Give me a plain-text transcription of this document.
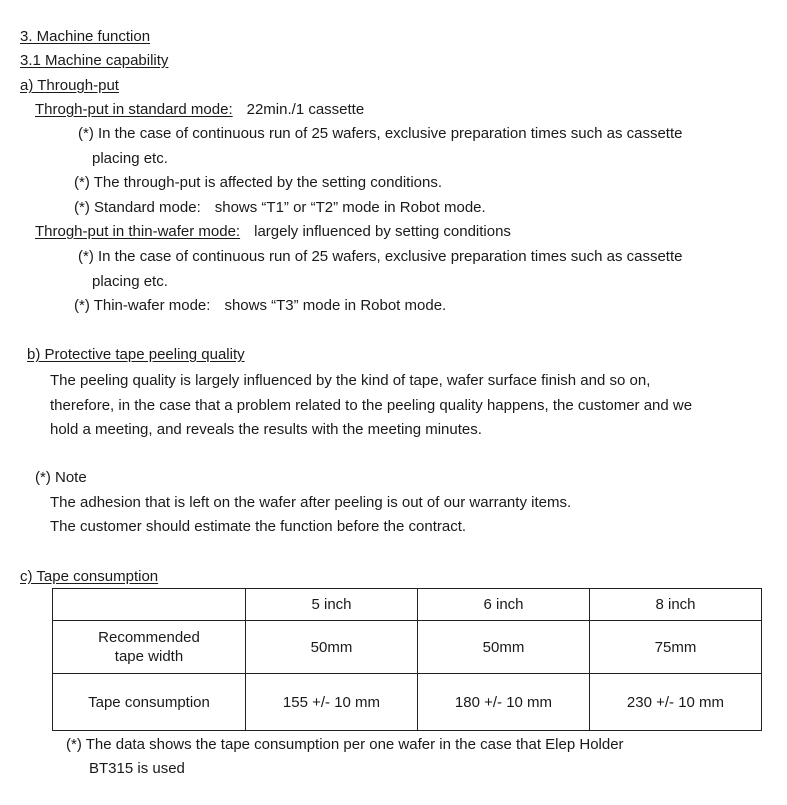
3. Machine function
3.1 Machine capability
a) Through-put
Throgh-put in standard mode: 22min./1 cassette
(*) In the case of continuous run of 25 wafers, exclusive preparation times such as cassette
placing etc.
(*) The through-put is affected by the setting conditions.
(*) Standard mode: shows “T1” or “T2” mode in Robot mode.
Throgh-put in thin-wafer mode: largely influenced by setting conditions
(*) In the case of continuous run of 25 wafers, exclusive preparation times such as cassette
placing etc.
(*) Thin-wafer mode: shows “T3” mode in Robot mode.
b) Protective tape peeling quality
The peeling quality is largely influenced by the kind of tape, wafer surface finish and so on,
therefore, in the case that a problem related to the peeling quality happens, the customer and we
hold a meeting, and reveals the results with the meeting minutes.
(*) Note
The adhesion that is left on the wafer after peeling is out of our warranty items.
The customer should estimate the function before the contract.
c) Tape consumption
	5 inch	6 inch	8 inch

Recommended
tape width	50mm	50mm	75mm
Tape consumption	155 +/- 10 mm	180 +/- 10 mm	230 +/- 10 mm
(*) The data shows the tape consumption per one wafer in the case that Elep Holder
BT315 is used
